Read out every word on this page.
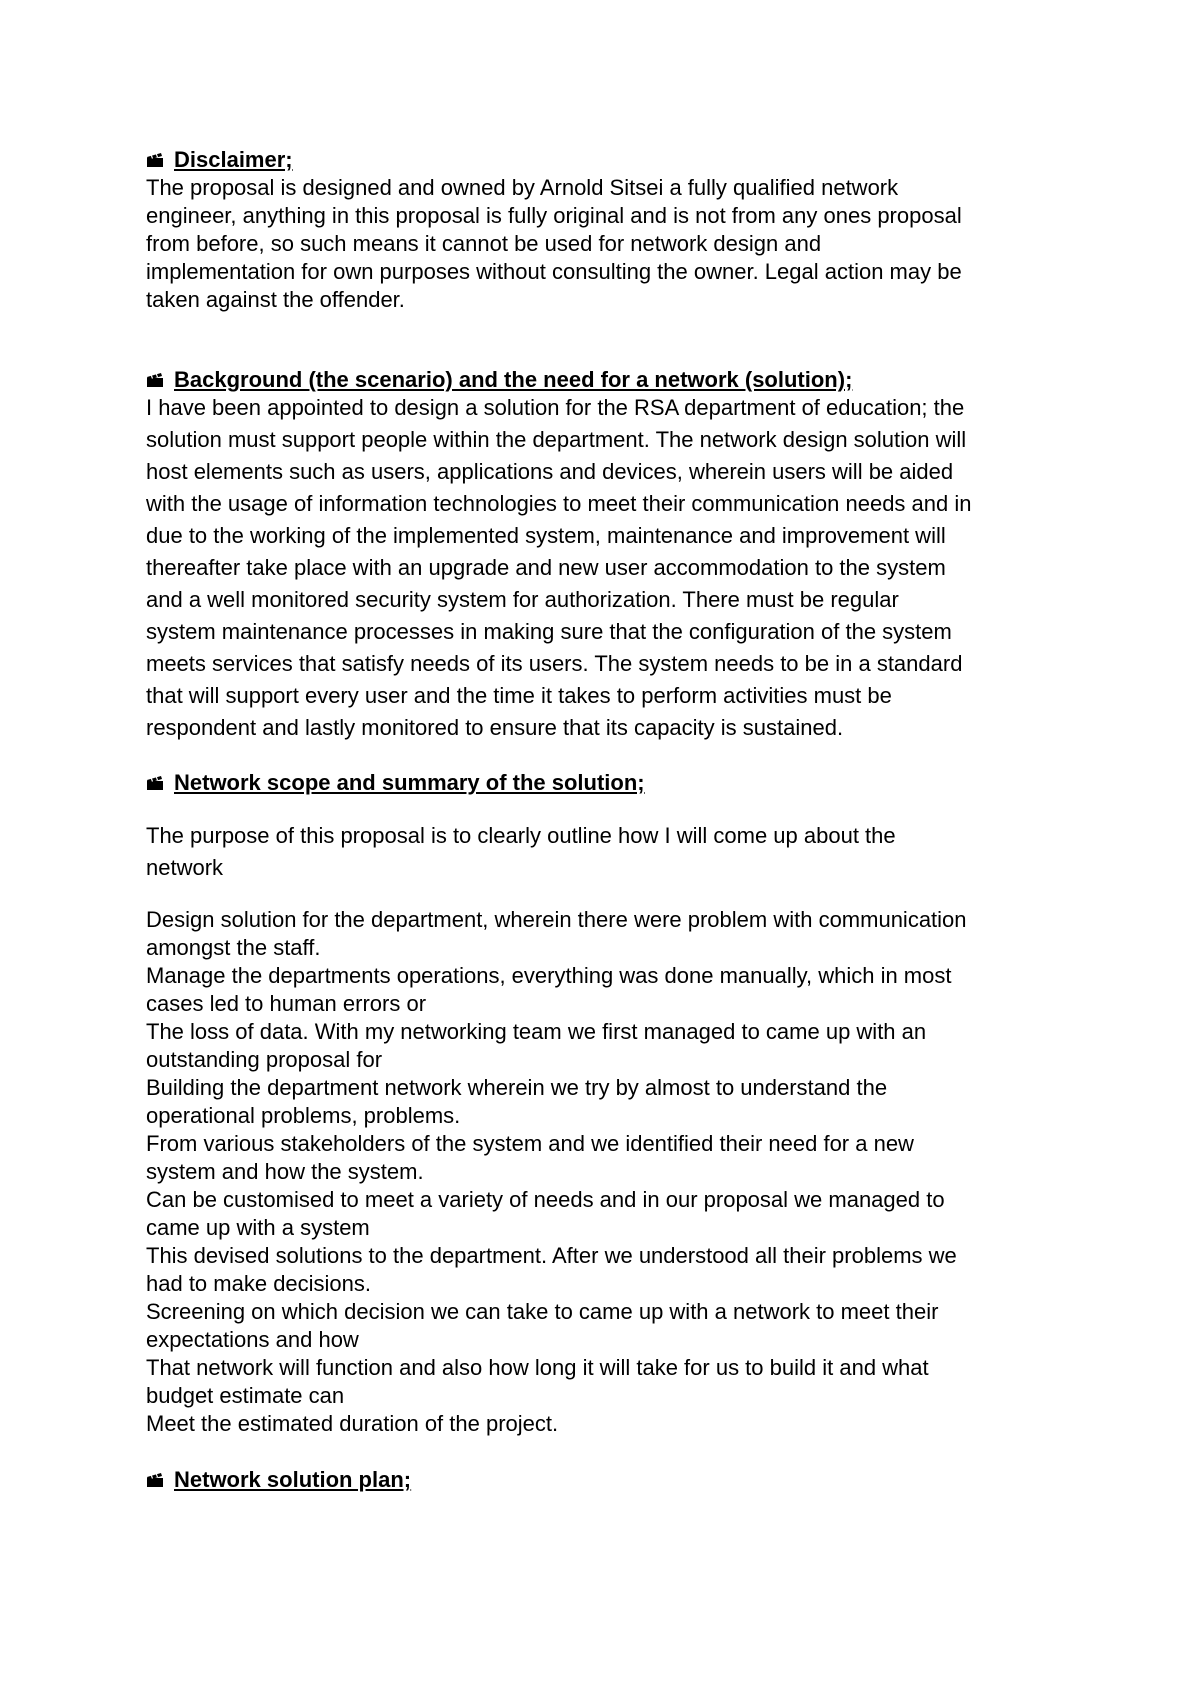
Disclaimer;
The proposal is designed and owned by Arnold Sitsei a fully qualified network
engineer, anything in this proposal is fully original and is not from any ones proposal
from before, so such means it cannot be used for network design and
implementation for own purposes without consulting the owner. Legal action may be
taken against the offender.
Background (the scenario) and the need for a network (solution);
I have been appointed to design a solution for the RSA department of education; the
solution must support people within the department. The network design solution will
host elements such as users, applications and devices, wherein users will be aided
with the usage of information technologies to meet their communication needs and in
due to the working of the implemented system, maintenance and improvement will
thereafter take place with an upgrade and new user accommodation to the system
and a well monitored security system for authorization. There must be regular
system maintenance processes in making sure that the configuration of the system
meets services that satisfy needs of its users. The system needs to be in a standard
that will support every user and the time it takes to perform activities must be
respondent and lastly monitored to ensure that its capacity is sustained.
Network scope and summary of the solution;
The purpose of this proposal is to clearly outline how I will come up about the
network
Design solution for the department, wherein there were problem with communication
amongst the staff.
Manage the departments operations, everything was done manually, which in most
cases led to human errors or
The loss of data. With my networking team we first managed to came up with an
outstanding proposal for
Building the department network wherein we try by almost to understand the
operational problems, problems.
From various stakeholders of the system and we identified their need for a new
system and how the system.
Can be customised to meet a variety of needs and in our proposal we managed to
came up with a system
This devised solutions to the department. After we understood all their problems we
had to make decisions.
Screening on which decision we can take to came up with a network to meet their
expectations and how
That network will function and also how long it will take for us to build it and what
budget estimate can
Meet the estimated duration of the project.
Network solution plan;
